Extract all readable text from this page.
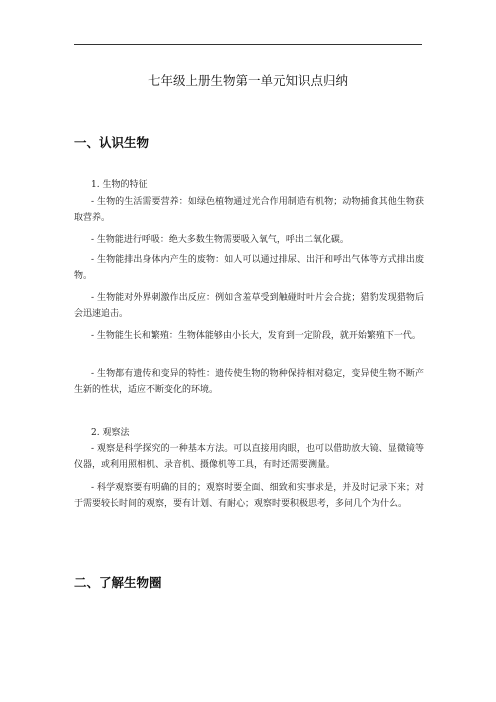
七年级上册生物第一单元知识点归纳
一、认识生物
1. 生物的特征

- 生物的生活需要营养：如绿色植物通过光合作用制造有机物；动物捕食其他生物获取营养。

- 生物能进行呼吸：绝大多数生物需要吸入氧气，呼出二氧化碳。

- 生物能排出身体内产生的废物：如人可以通过排尿、出汗和呼出气体等方式排出废物。

- 生物能对外界刺激作出反应：例如含羞草受到触碰时叶片会合拢；猎豹发现猎物后会迅速追击。

- 生物能生长和繁殖：生物体能够由小长大，发育到一定阶段，就开始繁殖下一代。

- 生物都有遗传和变异的特性：遗传使生物的物种保持相对稳定，变异使生物不断产生新的性状，适应不断变化的环境。

2. 观察法

- 观察是科学探究的一种基本方法。可以直接用肉眼，也可以借助放大镜、显微镜等仪器，或利用照相机、录音机、摄像机等工具，有时还需要测量。

- 科学观察要有明确的目的；观察时要全面、细致和实事求是，并及时记录下来；对于需要较长时间的观察，要有计划、有耐心；观察时要积极思考，多问几个为什么。

二、了解生物圈
